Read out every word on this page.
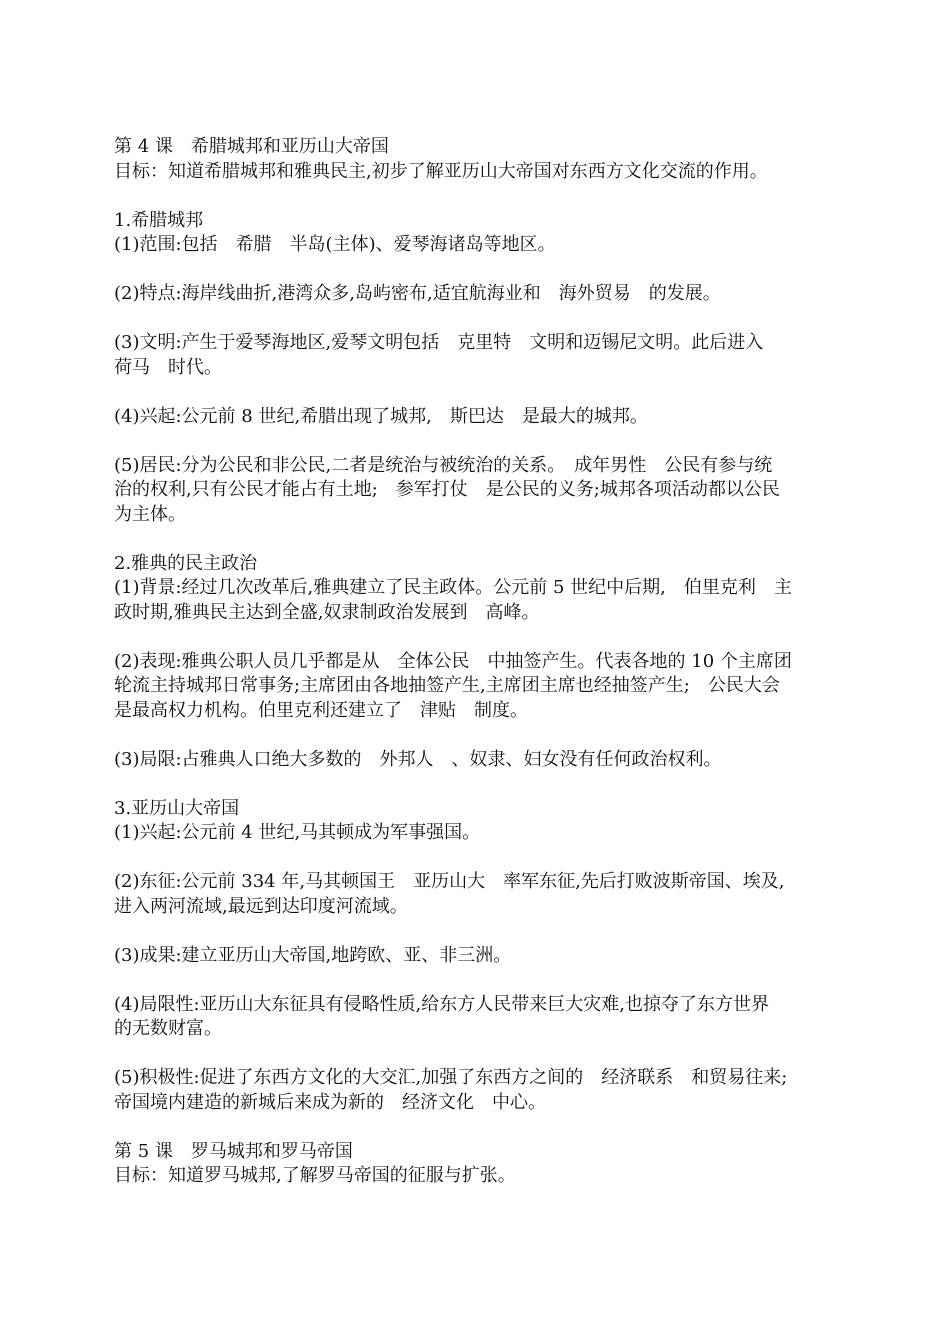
第 4 课　希腊城邦和亚历山大帝国
目标：知道希腊城邦和雅典民主,初步了解亚历山大帝国对东西方文化交流的作用。
1.希腊城邦
(1)范围:包括　希腊　半岛(主体)、爱琴海诸岛等地区。
(2)特点:海岸线曲折,港湾众多,岛屿密布,适宜航海业和　海外贸易　的发展。
(3)文明:产生于爱琴海地区,爱琴文明包括　克里特　文明和迈锡尼文明。此后进入
荷马　时代。
(4)兴起:公元前 8 世纪,希腊出现了城邦,　斯巴达　是最大的城邦。
(5)居民:分为公民和非公民,二者是统治与被统治的关系。　成年男性　公民有参与统
治的权利,只有公民才能占有土地;　参军打仗　是公民的义务;城邦各项活动都以公民
为主体。
2.雅典的民主政治
(1)背景:经过几次改革后,雅典建立了民主政体。公元前 5 世纪中后期,　伯里克利　主
政时期,雅典民主达到全盛,奴隶制政治发展到　高峰。
(2)表现:雅典公职人员几乎都是从　全体公民　中抽签产生。代表各地的 10 个主席团
轮流主持城邦日常事务;主席团由各地抽签产生,主席团主席也经抽签产生;　公民大会
是最高权力机构。伯里克利还建立了　津贴　制度。
(3)局限:占雅典人口绝大多数的　外邦人　、奴隶、妇女没有任何政治权利。
3.亚历山大帝国
(1)兴起:公元前 4 世纪,马其顿成为军事强国。
(2)东征:公元前 334 年,马其顿国王　亚历山大　率军东征,先后打败波斯帝国、埃及,
进入两河流域,最远到达印度河流域。
(3)成果:建立亚历山大帝国,地跨欧、亚、非三洲。
(4)局限性:亚历山大东征具有侵略性质,给东方人民带来巨大灾难,也掠夺了东方世界
的无数财富。
(5)积极性:促进了东西方文化的大交汇,加强了东西方之间的　经济联系　和贸易往来;
帝国境内建造的新城后来成为新的　经济文化　中心。
第 5 课　罗马城邦和罗马帝国
目标：知道罗马城邦,了解罗马帝国的征服与扩张。
